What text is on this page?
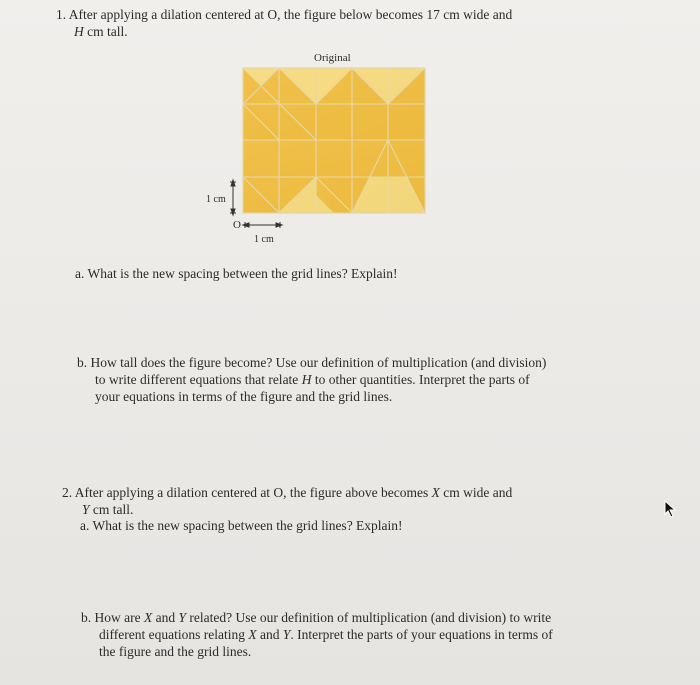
1. After applying a dilation centered at O, the figure below becomes 17 cm wide and
H cm tall.
Original
1 cm
O
1 cm
a. What is the new spacing between the grid lines? Explain!
b. How tall does the figure become? Use our definition of multiplication (and division)
to write different equations that relate H to other quantities. Interpret the parts of
your equations in terms of the figure and the grid lines.
2. After applying a dilation centered at O, the figure above becomes X cm wide and
Y cm tall.
a. What is the new spacing between the grid lines? Explain!
b. How are X and Y related? Use our definition of multiplication (and division) to write
different equations relating X and Y. Interpret the parts of your equations in terms of
the figure and the grid lines.
